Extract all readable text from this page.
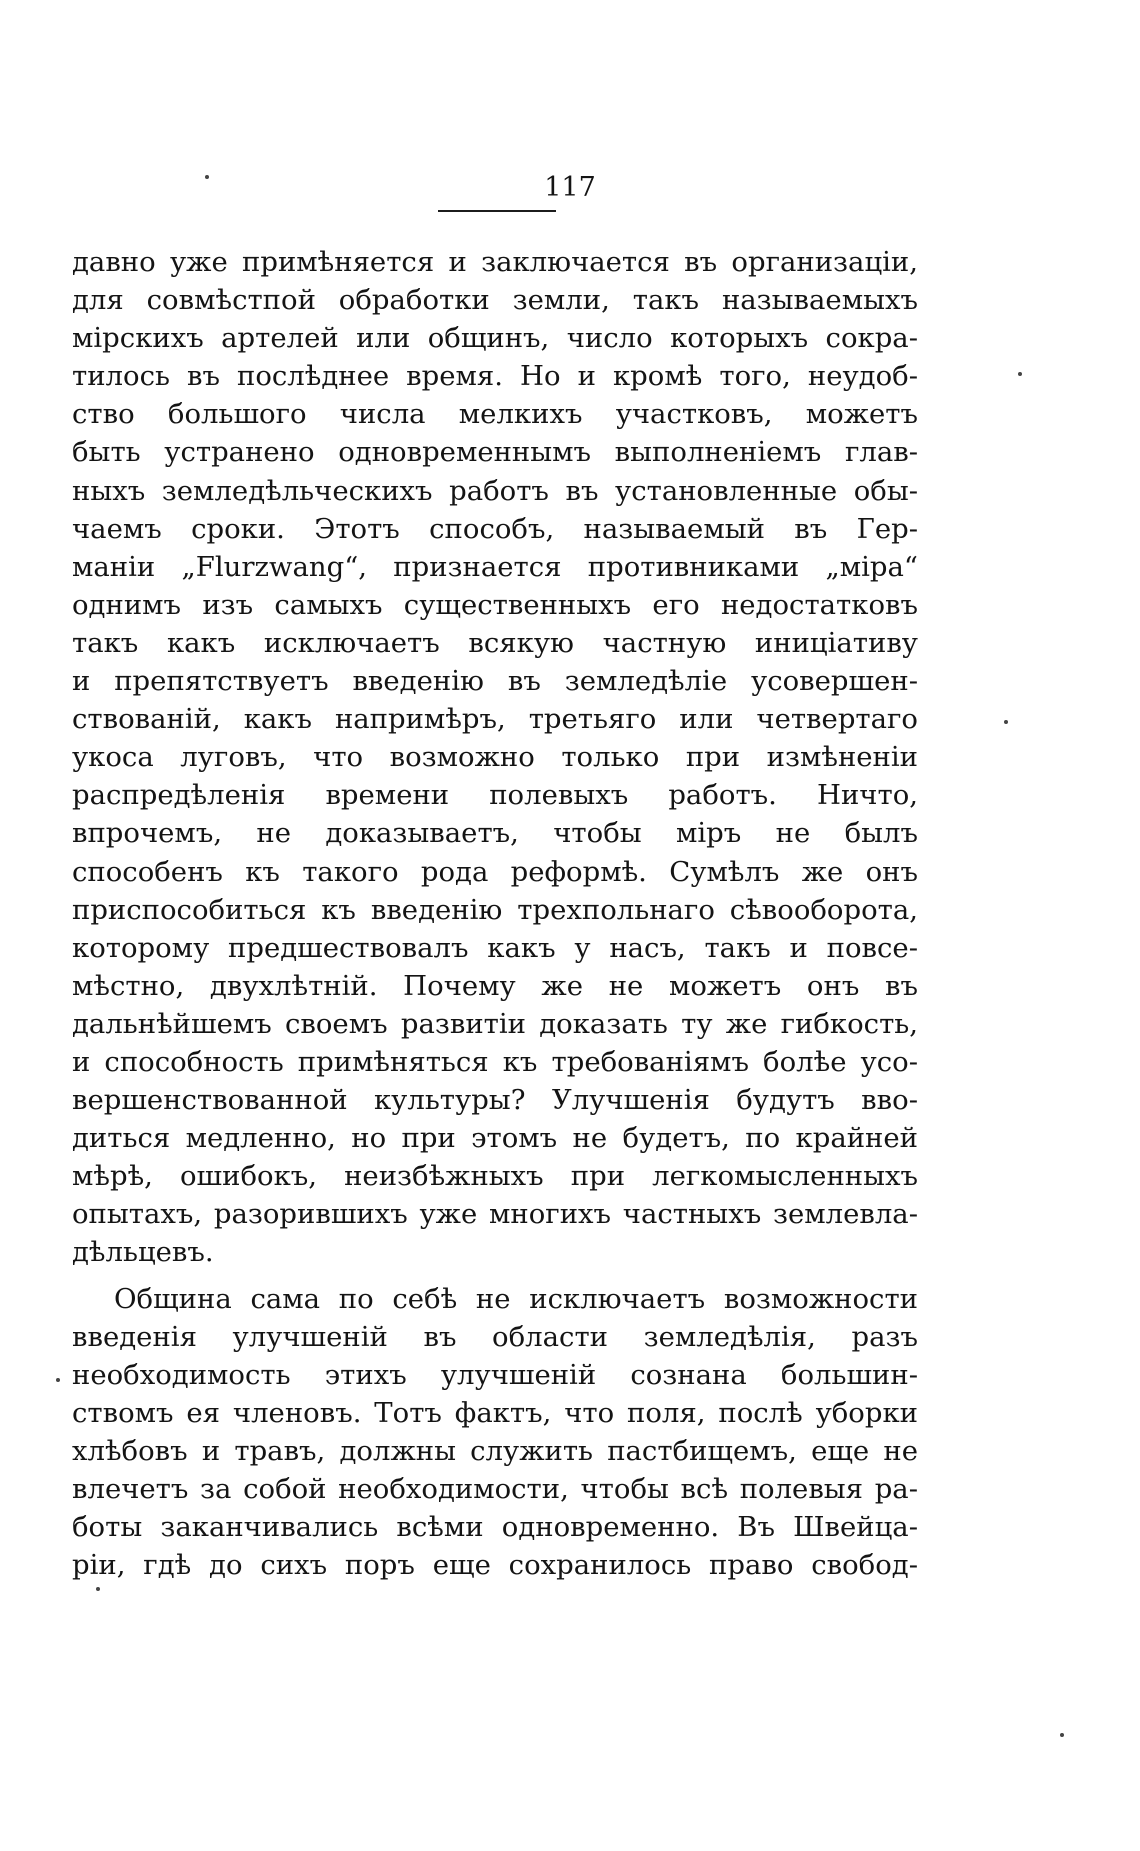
117
давно уже примѣняется и заключается въ организаціи,
для совмѣстпой обработки земли, такъ называемыхъ
мірскихъ артелей или общинъ, число которыхъ сокра-
тилось въ послѣднее время. Но и кромѣ того, неудоб-
ство большого числа мелкихъ участковъ, можетъ
быть устранено одновременнымъ выполненіемъ глав-
ныхъ земледѣльческихъ работъ въ установленные обы-
чаемъ сроки. Этотъ способъ, называемый въ Гер-
маніи „Flurzwang“, признается противниками „міра“
однимъ изъ самыхъ существенныхъ его недостатковъ
такъ какъ исключаетъ всякую частную иниціативу
и препятствуетъ введенію въ земледѣліе усовершен-
ствованій, какъ напримѣръ, третьяго или четвертаго
укоса луговъ, что возможно только при измѣненіи
распредѣленія времени полевыхъ работъ. Ничто,
впрочемъ, не доказываетъ, чтобы міръ не былъ
способенъ къ такого рода реформѣ. Сумѣлъ же онъ
приспособиться къ введенію трехпольнаго сѣвооборота,
которому предшествовалъ какъ у насъ, такъ и повсе-
мѣстно, двухлѣтній. Почему же не можетъ онъ въ
дальнѣйшемъ своемъ развитіи доказать ту же гибкость,
и способность примѣняться къ требованіямъ болѣе усо-
вершенствованной культуры? Улучшенія будутъ вво-
диться медленно, но при этомъ не будетъ, по крайней
мѣрѣ, ошибокъ, неизбѣжныхъ при легкомысленныхъ
опытахъ, разорившихъ уже многихъ частныхъ землевла-
дѣльцевъ.
Община сама по себѣ не исключаетъ возможности
введенія улучшеній въ области земледѣлія, разъ
необходимость этихъ улучшеній сознана большин-
ствомъ ея членовъ. Тотъ фактъ, что поля, послѣ уборки
хлѣбовъ и травъ, должны служить пастбищемъ, еще не
влечетъ за собой необходимости, чтобы всѣ полевыя ра-
боты заканчивались всѣми одновременно. Въ Швейца-
ріи, гдѣ до сихъ поръ еще сохранилось право свобод-
